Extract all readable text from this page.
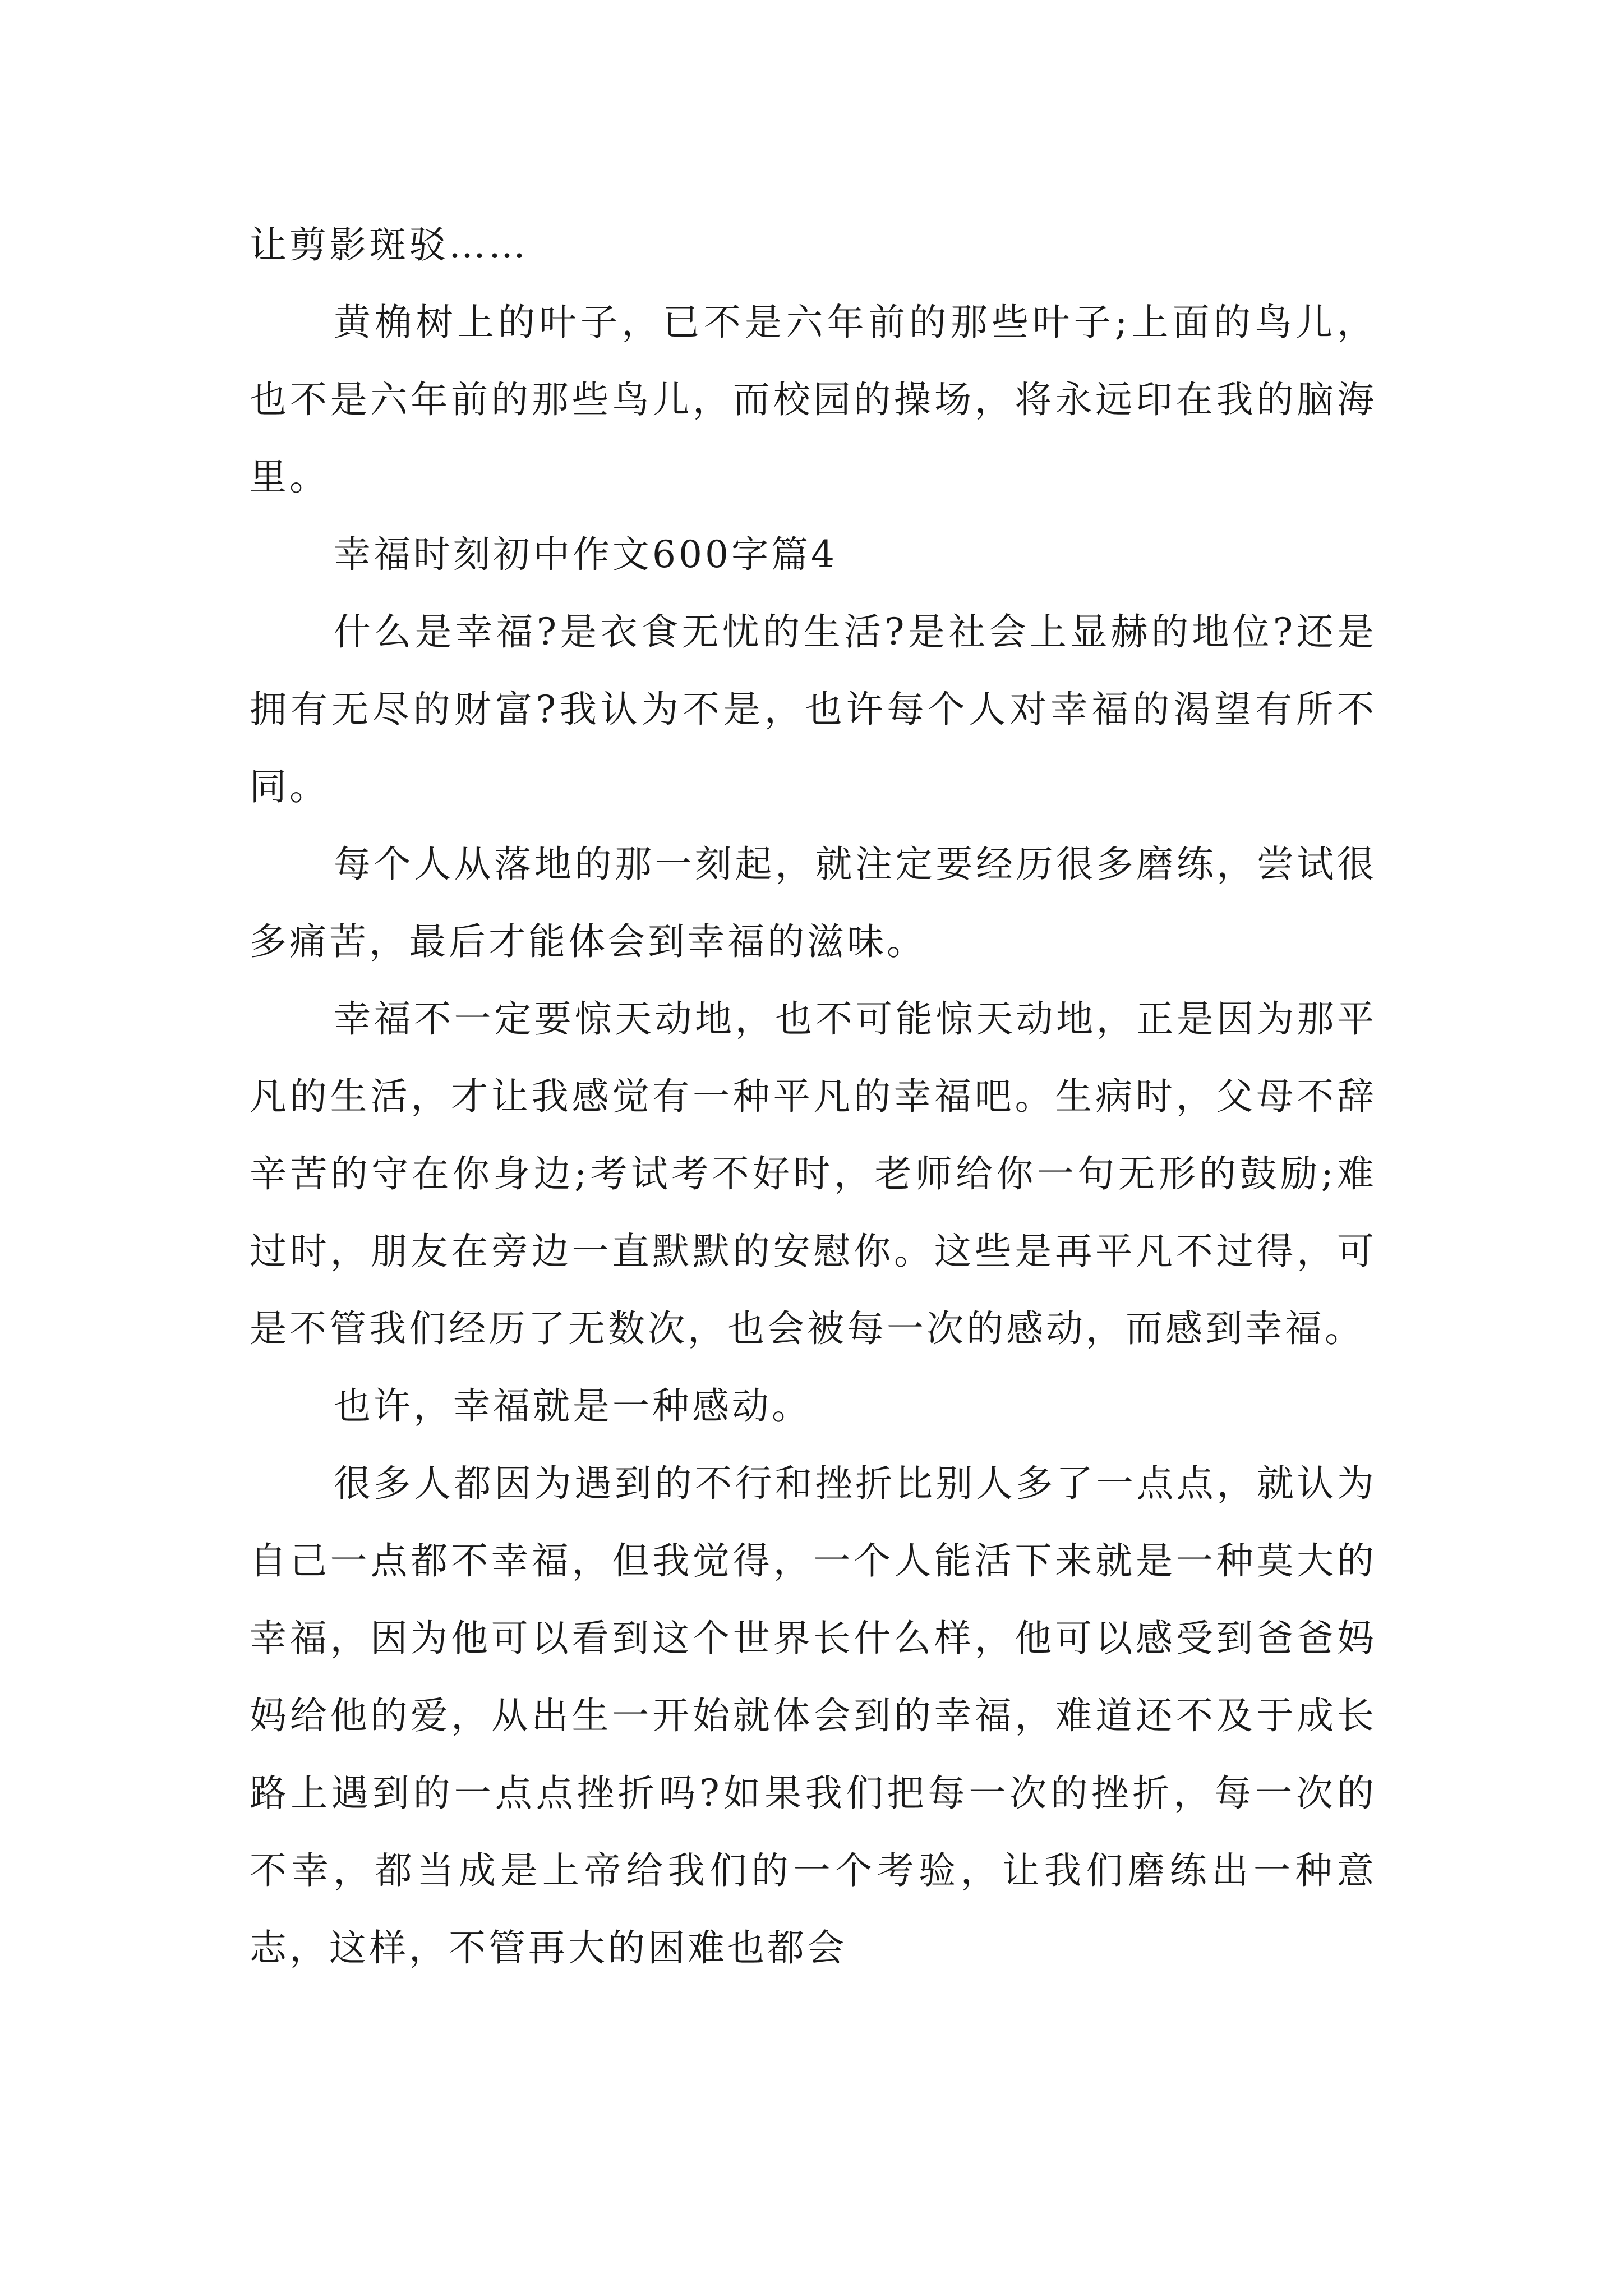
让剪影斑驳……

黄桷树上的叶子，已不是六年前的那些叶子;上面的鸟儿，也不是六年前的那些鸟儿，而校园的操场，将永远印在我的脑海里。

幸福时刻初中作文600字篇4

什么是幸福?是衣食无忧的生活?是社会上显赫的地位?还是拥有无尽的财富?我认为不是，也许每个人对幸福的渴望有所不同。

每个人从落地的那一刻起，就注定要经历很多磨练，尝试很多痛苦，最后才能体会到幸福的滋味。

幸福不一定要惊天动地，也不可能惊天动地，正是因为那平凡的生活，才让我感觉有一种平凡的幸福吧。生病时，父母不辞辛苦的守在你身边;考试考不好时，老师给你一句无形的鼓励;难过时，朋友在旁边一直默默的安慰你。这些是再平凡不过得，可是不管我们经历了无数次，也会被每一次的感动，而感到幸福。

也许，幸福就是一种感动。

很多人都因为遇到的不行和挫折比别人多了一点点，就认为自己一点都不幸福，但我觉得，一个人能活下来就是一种莫大的幸福，因为他可以看到这个世界长什么样，他可以感受到爸爸妈妈给他的爱，从出生一开始就体会到的幸福，难道还不及于成长路上遇到的一点点挫折吗?如果我们把每一次的挫折，每一次的不幸，都当成是上帝给我们的一个考验，让我们磨练出一种意志，这样，不管再大的困难也都会
